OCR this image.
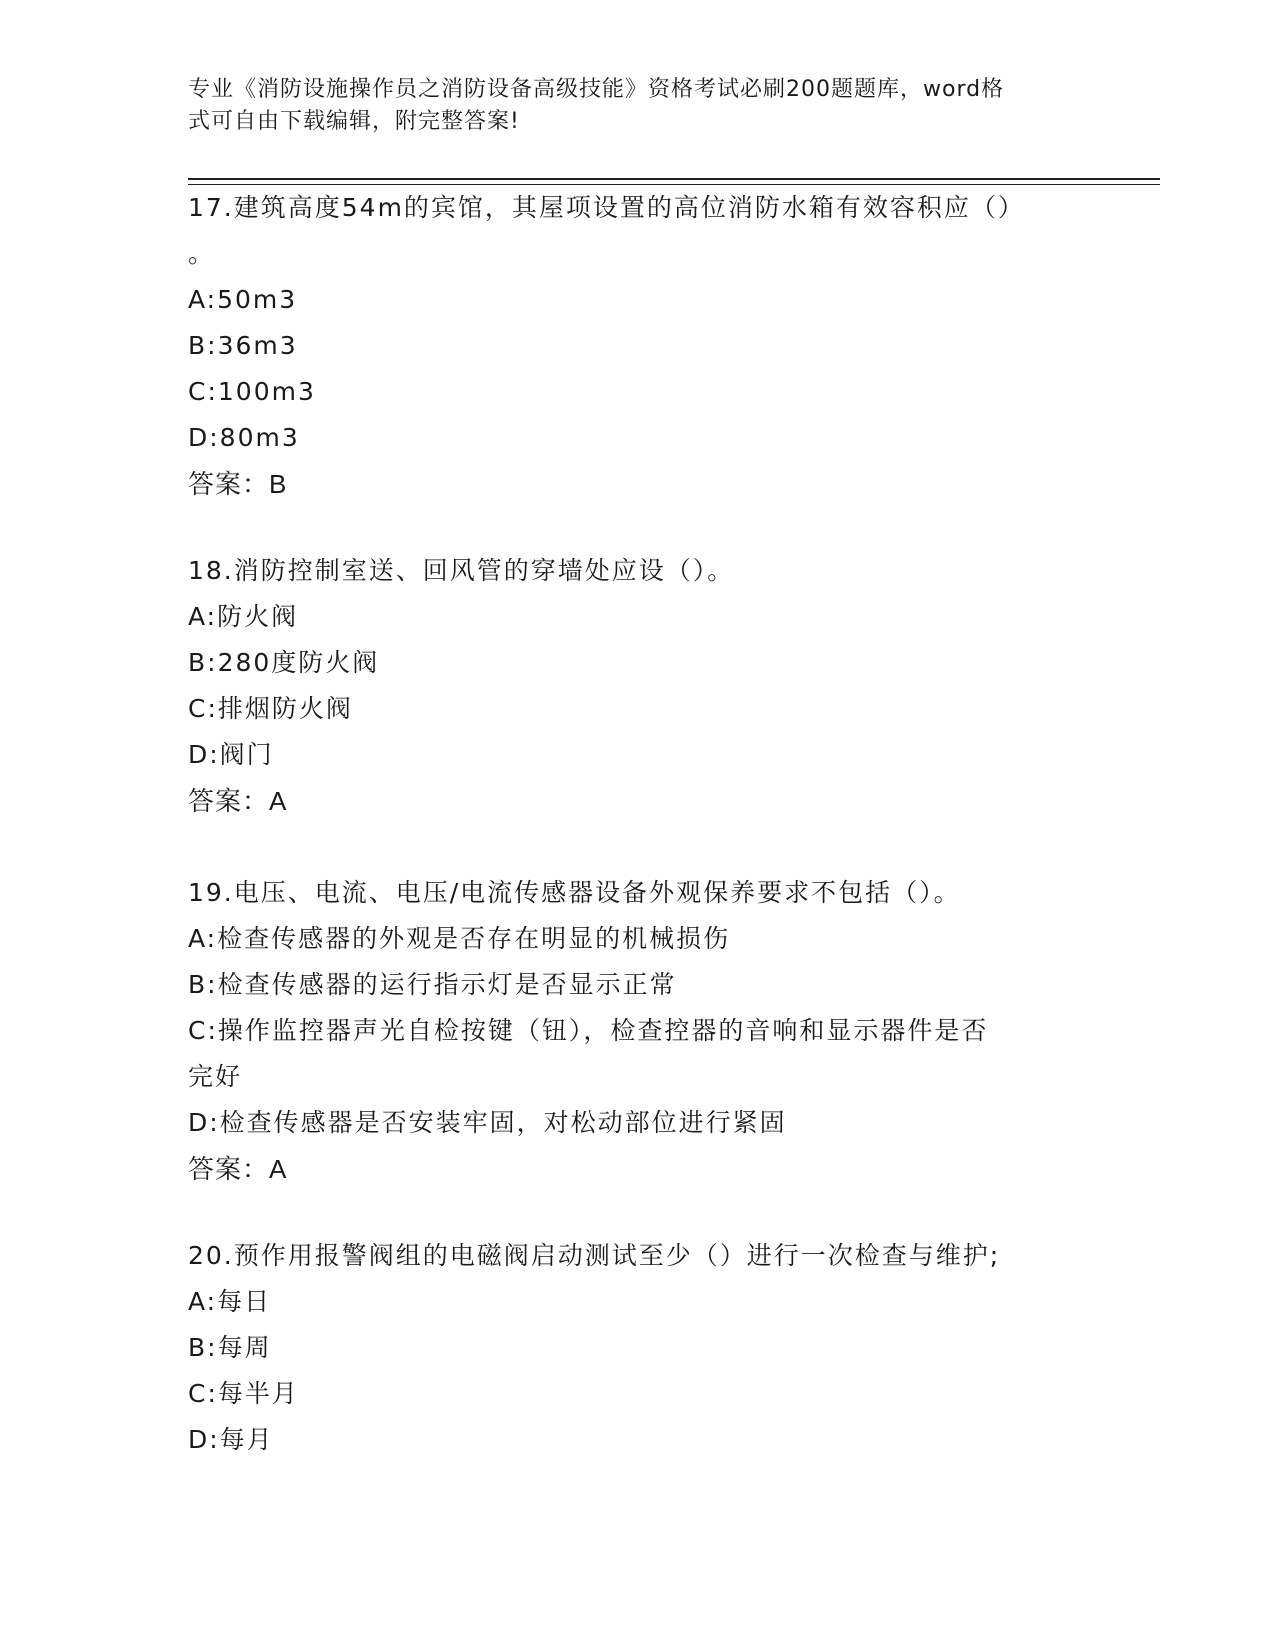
专业《消防设施操作员之消防设备高级技能》资格考试必刷200题题库，word格
式可自由下载编辑，附完整答案!
17.建筑高度54m的宾馆，其屋项设置的高位消防水箱有效容积应（）
。
A:50m3
B:36m3
C:100m3
D:80m3
答案：B
18.消防控制室送、回风管的穿墙处应设（）。
A:防火阀
B:280度防火阀
C:排烟防火阀
D:阀门
答案：A
19.电压、电流、电压/电流传感器设备外观保养要求不包括（）。
A:检查传感器的外观是否存在明显的机械损伤
B:检查传感器的运行指示灯是否显示正常
C:操作监控器声光自检按键（钮），检查控器的音响和显示器件是否
完好
D:检查传感器是否安装牢固，对松动部位进行紧固
答案：A
20.预作用报警阀组的电磁阀启动测试至少（）进行一次检查与维护;
A:每日
B:每周
C:每半月
D:每月
